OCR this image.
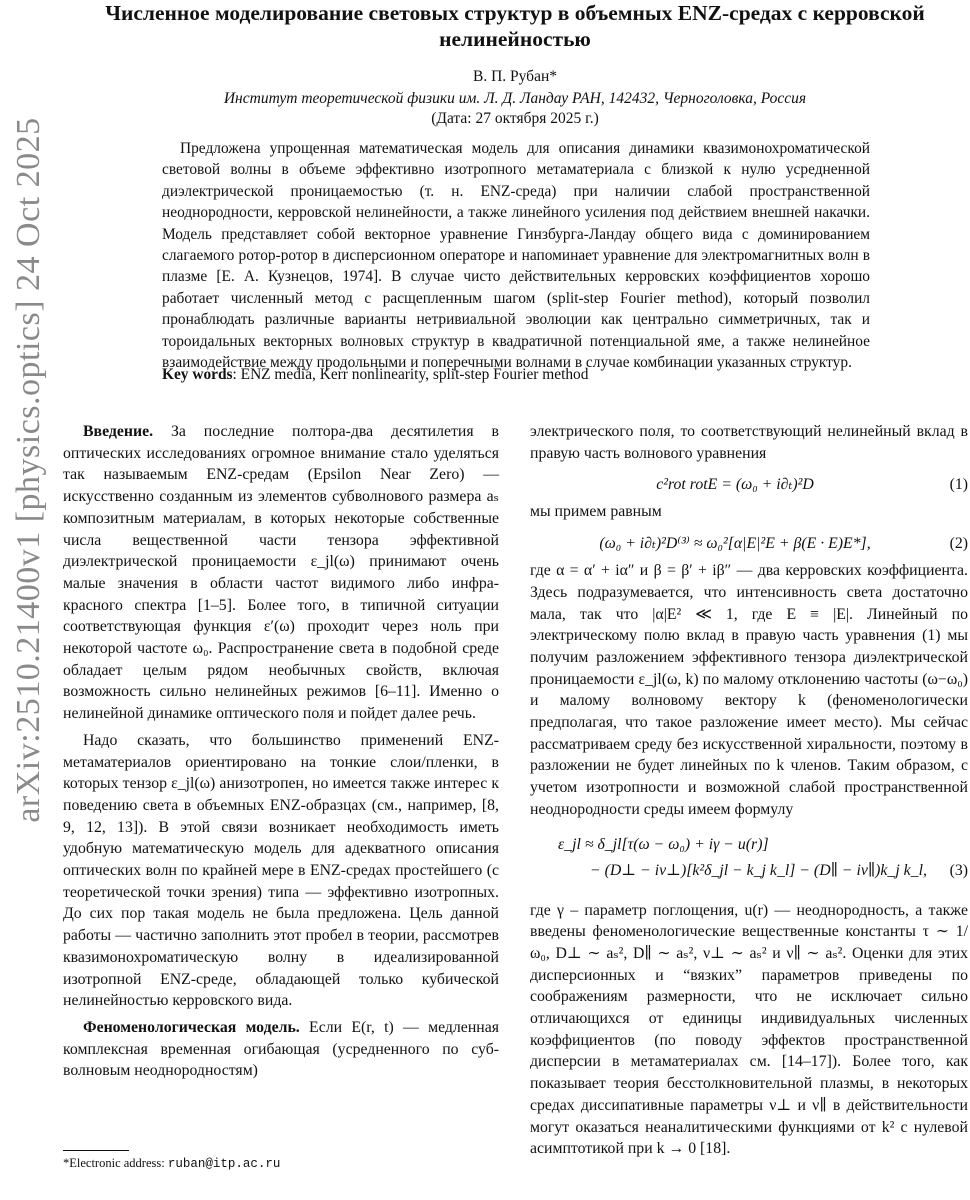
arXiv:2510.21400v1 [physics.optics] 24 Oct 2025
Численное моделирование световых структур в объемных ENZ-средах с керровской нелинейностью
В. П. Рубан*
Институт теоретической физики им. Л. Д. Ландау РАН, 142432, Черноголовка, Россия
(Дата: 27 октября 2025 г.)

Предложена упрощенная математическая модель для описания динамики квазимонохроматической световой волны в объеме эффективно изотропного метаматериала с близкой к нулю усредненной диэлектрической проницаемостью (т. н. ENZ-среда) при наличии слабой пространственной неоднородности, керровской нелинейности, а также линейного усиления под действием внешней накачки. Модель представляет собой векторное уравнение Гинзбурга-Ландау общего вида с доминированием слагаемого ротор-ротор в дисперсионном операторе и напоминает уравнение для электромагнитных волн в плазме [Е. А. Кузнецов, 1974]. В случае чисто действительных керровских коэффициентов хорошо работает численный метод с расщепленным шагом (split-step Fourier method), который позволил пронаблюдать различные варианты нетривиальной эволюции как центрально симметричных, так и тороидальных векторных волновых структур в квадратичной потенциальной яме, а также нелинейное взаимодействие между продольными и поперечными волнами в случае комбинации указанных структур.

Key words: ENZ media, Kerr nonlinearity, split-step Fourier method

Введение. За последние полтора-два десятилетия в оптических исследованиях огромное внимание стало уделяться так называемым ENZ-средам (Epsilon Near Zero) — искусственно созданным из элементов субволнового размера aₛ композитным материалам, в которых некоторые собственные числа вещественной части тензора эффективной диэлектрической проницаемости ε_jl(ω) принимают очень малые значения в области частот видимого либо инфра-красного спектра [1–5]. Более того, в типичной ситуации соответствующая функция ε′(ω) проходит через ноль при некоторой частоте ω₀. Распространение света в подобной среде обладает целым рядом необычных свойств, включая возможность сильно нелинейных режимов [6–11]. Именно о нелинейной динамике оптического поля и пойдет далее речь.

Надо сказать, что большинство применений ENZ-метаматериалов ориентировано на тонкие слои/пленки, в которых тензор ε_jl(ω) анизотропен, но имеется также интерес к поведению света в объемных ENZ-образцах (см., например, [8, 9, 12, 13]). В этой связи возникает необходимость иметь удобную математическую модель для адекватного описания оптических волн по крайней мере в ENZ-средах простейшего (с теоретической точки зрения) типа — эффективно изотропных. До сих пор такая модель не была предложена. Цель данной работы — частично заполнить этот пробел в теории, рассмотрев квазимонохроматическую волну в идеализированной изотропной ENZ-среде, обладающей только кубической нелинейностью керровского вида.

Феноменологическая модель. Если E(r, t) — медленная комплексная временная огибающая (усредненного по суб-волновым неоднородностям)

электрического поля, то соответствующий нелинейный вклад в правую часть волнового уравнения

c²rot rotE = (ω₀ + i∂ₜ)²D	(1)

мы примем равным

(ω₀ + i∂ₜ)²D⁽³⁾ ≈ ω₀²[α|E|²E + β(E · E)E*],	(2)

где α = α′ + iα″ и β = β′ + iβ″ — два керровских коэффициента. Здесь подразумевается, что интенсивность света достаточно мала, так что |α|E² ≪ 1, где E ≡ |E|. Линейный по электрическому полю вклад в правую часть уравнения (1) мы получим разложением эффективного тензора диэлектрической проницаемости ε_jl(ω, k) по малому отклонению частоты (ω−ω₀) и малому волновому вектору k (феноменологически предполагая, что такое разложение имеет место). Мы сейчас рассматриваем среду без искусственной хиральности, поэтому в разложении не будет линейных по k членов. Таким образом, с учетом изотропности и возможной слабой пространственной неоднородности среды имеем формулу

ε_jl ≈ δ_jl[τ(ω − ω₀) + iγ − u(r)]
− (D⊥ − iν⊥)[k²δ_jl − k_j k_l] − (D∥ − iν∥)k_j k_l, (3)

где γ – параметр поглощения, u(r) — неоднородность, а также введены феноменологические вещественные константы τ ∼ 1/ω₀, D⊥ ∼ aₛ², D∥ ∼ aₛ², ν⊥ ∼ aₛ² и ν∥ ∼ aₛ². Оценки для этих дисперсионных и “вязких” параметров приведены по соображениям размерности, что не исключает сильно отличающихся от единицы индивидуальных численных коэффициентов (по поводу эффектов пространственной дисперсии в метаматериалах см. [14–17]). Более того, как показывает теория бесстолкновительной плазмы, в некоторых средах диссипативные параметры ν⊥ и ν∥ в действительности могут оказаться неаналитическими функциями от k² с нулевой асимптотикой при k → 0 [18].

*Electronic address: ruban@itp.ac.ru
